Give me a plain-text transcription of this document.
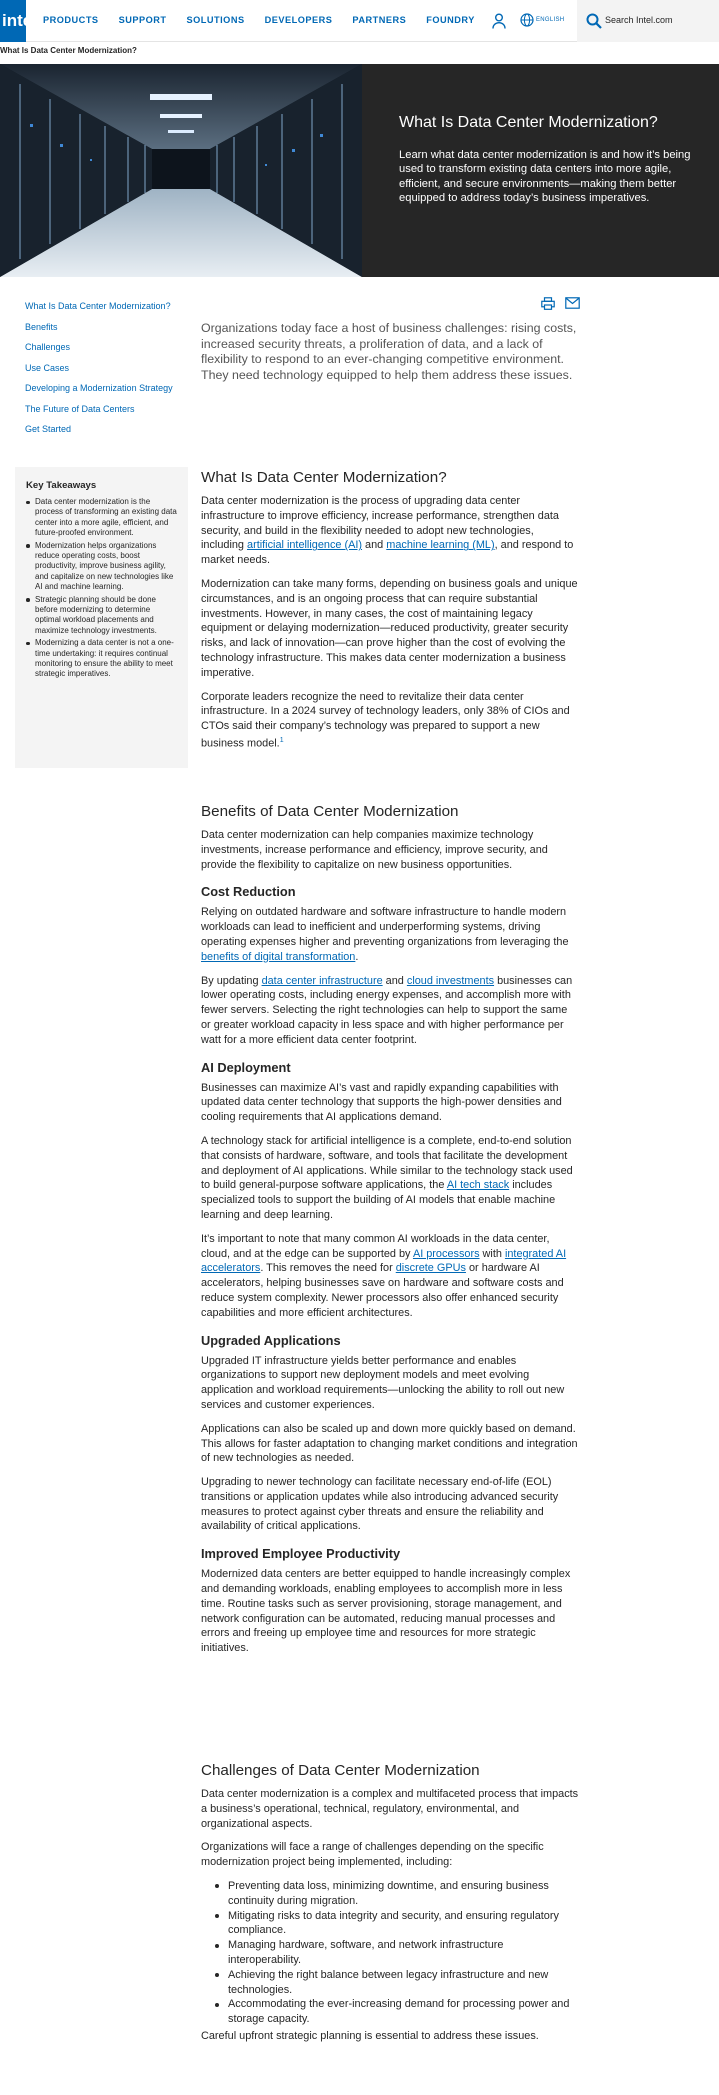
intel PRODUCTS SUPPORT SOLUTIONS DEVELOPERS PARTNERS FOUNDRY	ENGLISH	Search Intel.com
What Is Data Center Modernization?
What Is Data Center Modernization?
Learn what data center modernization is and how it’s being used to transform existing data centers into more agile, efficient, and secure environments—making them better equipped to address today’s business imperatives.
What Is Data Center Modernization?
Benefits
Challenges
Use Cases
Developing a Modernization Strategy
The Future of Data Centers
Get Started
Key Takeaways
Data center modernization is the process of transforming an existing data center into a more agile, efficient, and future-proofed environment.
Modernization helps organizations reduce operating costs, boost productivity, improve business agility, and capitalize on new technologies like AI and machine learning.
Strategic planning should be done before modernizing to determine optimal workload placements and maximize technology investments.
Modernizing a data center is not a one-time undertaking: it requires continual monitoring to ensure the ability to meet strategic imperatives.

Organizations today face a host of business challenges: rising costs, increased security threats, a proliferation of data, and a lack of flexibility to respond to an ever-changing competitive environment. They need technology equipped to help them address these issues.

What Is Data Center Modernization?

Data center modernization is the process of upgrading data center infrastructure to improve efficiency, increase performance, strengthen data security, and build in the flexibility needed to adopt new technologies, including artificial intelligence (AI) and machine learning (ML), and respond to market needs.

Modernization can take many forms, depending on business goals and unique circumstances, and is an ongoing process that can require substantial investments. However, in many cases, the cost of maintaining legacy equipment or delaying modernization—reduced productivity, greater security risks, and lack of innovation—can prove higher than the cost of evolving the technology infrastructure. This makes data center modernization a business imperative.

Corporate leaders recognize the need to revitalize their data center infrastructure. In a 2024 survey of technology leaders, only 38% of CIOs and CTOs said their company’s technology was prepared to support a new business model.$^1$

Benefits of Data Center Modernization

Data center modernization can help companies maximize technology investments, increase performance and efficiency, improve security, and provide the flexibility to capitalize on new business opportunities.

Cost Reduction

Relying on outdated hardware and software infrastructure to handle modern workloads can lead to inefficient and underperforming systems, driving operating expenses higher and preventing organizations from leveraging the benefits of digital transformation.

By updating data center infrastructure and cloud investments businesses can lower operating costs, including energy expenses, and accomplish more with fewer servers. Selecting the right technologies can help to support the same or greater workload capacity in less space and with higher performance per watt for a more efficient data center footprint.

AI Deployment

Businesses can maximize AI’s vast and rapidly expanding capabilities with updated data center technology that supports the high-power densities and cooling requirements that AI applications demand.

A technology stack for artificial intelligence is a complete, end-to-end solution that consists of hardware, software, and tools that facilitate the development and deployment of AI applications. While similar to the technology stack used to build general-purpose software applications, the AI tech stack includes specialized tools to support the building of AI models that enable machine learning and deep learning.

It’s important to note that many common AI workloads in the data center, cloud, and at the edge can be supported by AI processors with integrated AI accelerators. This removes the need for discrete GPUs or hardware AI accelerators, helping businesses save on hardware and software costs and reduce system complexity. Newer processors also offer enhanced security capabilities and more efficient architectures.

Upgraded Applications

Upgraded IT infrastructure yields better performance and enables organizations to support new deployment models and meet evolving application and workload requirements—unlocking the ability to roll out new services and customer experiences.

Applications can also be scaled up and down more quickly based on demand. This allows for faster adaptation to changing market conditions and integration of new technologies as needed.

Upgrading to newer technology can facilitate necessary end-of-life (EOL) transitions or application updates while also introducing advanced security measures to protect against cyber threats and ensure the reliability and availability of critical applications.

Improved Employee Productivity

Modernized data centers are better equipped to handle increasingly complex and demanding workloads, enabling employees to accomplish more in less time. Routine tasks such as server provisioning, storage management, and network configuration can be automated, reducing manual processes and errors and freeing up employee time and resources for more strategic initiatives.

Challenges of Data Center Modernization

Data center modernization is a complex and multifaceted process that impacts a business’s operational, technical, regulatory, environmental, and organizational aspects.

Organizations will face a range of challenges depending on the specific modernization project being implemented, including:

Preventing data loss, minimizing downtime, and ensuring business continuity during migration.
Mitigating risks to data integrity and security, and ensuring regulatory compliance.
Managing hardware, software, and network infrastructure interoperability.
Achieving the right balance between legacy infrastructure and new technologies.
Accommodating the ever-increasing demand for processing power and storage capacity.

Careful upfront strategic planning is essential to address these issues.
